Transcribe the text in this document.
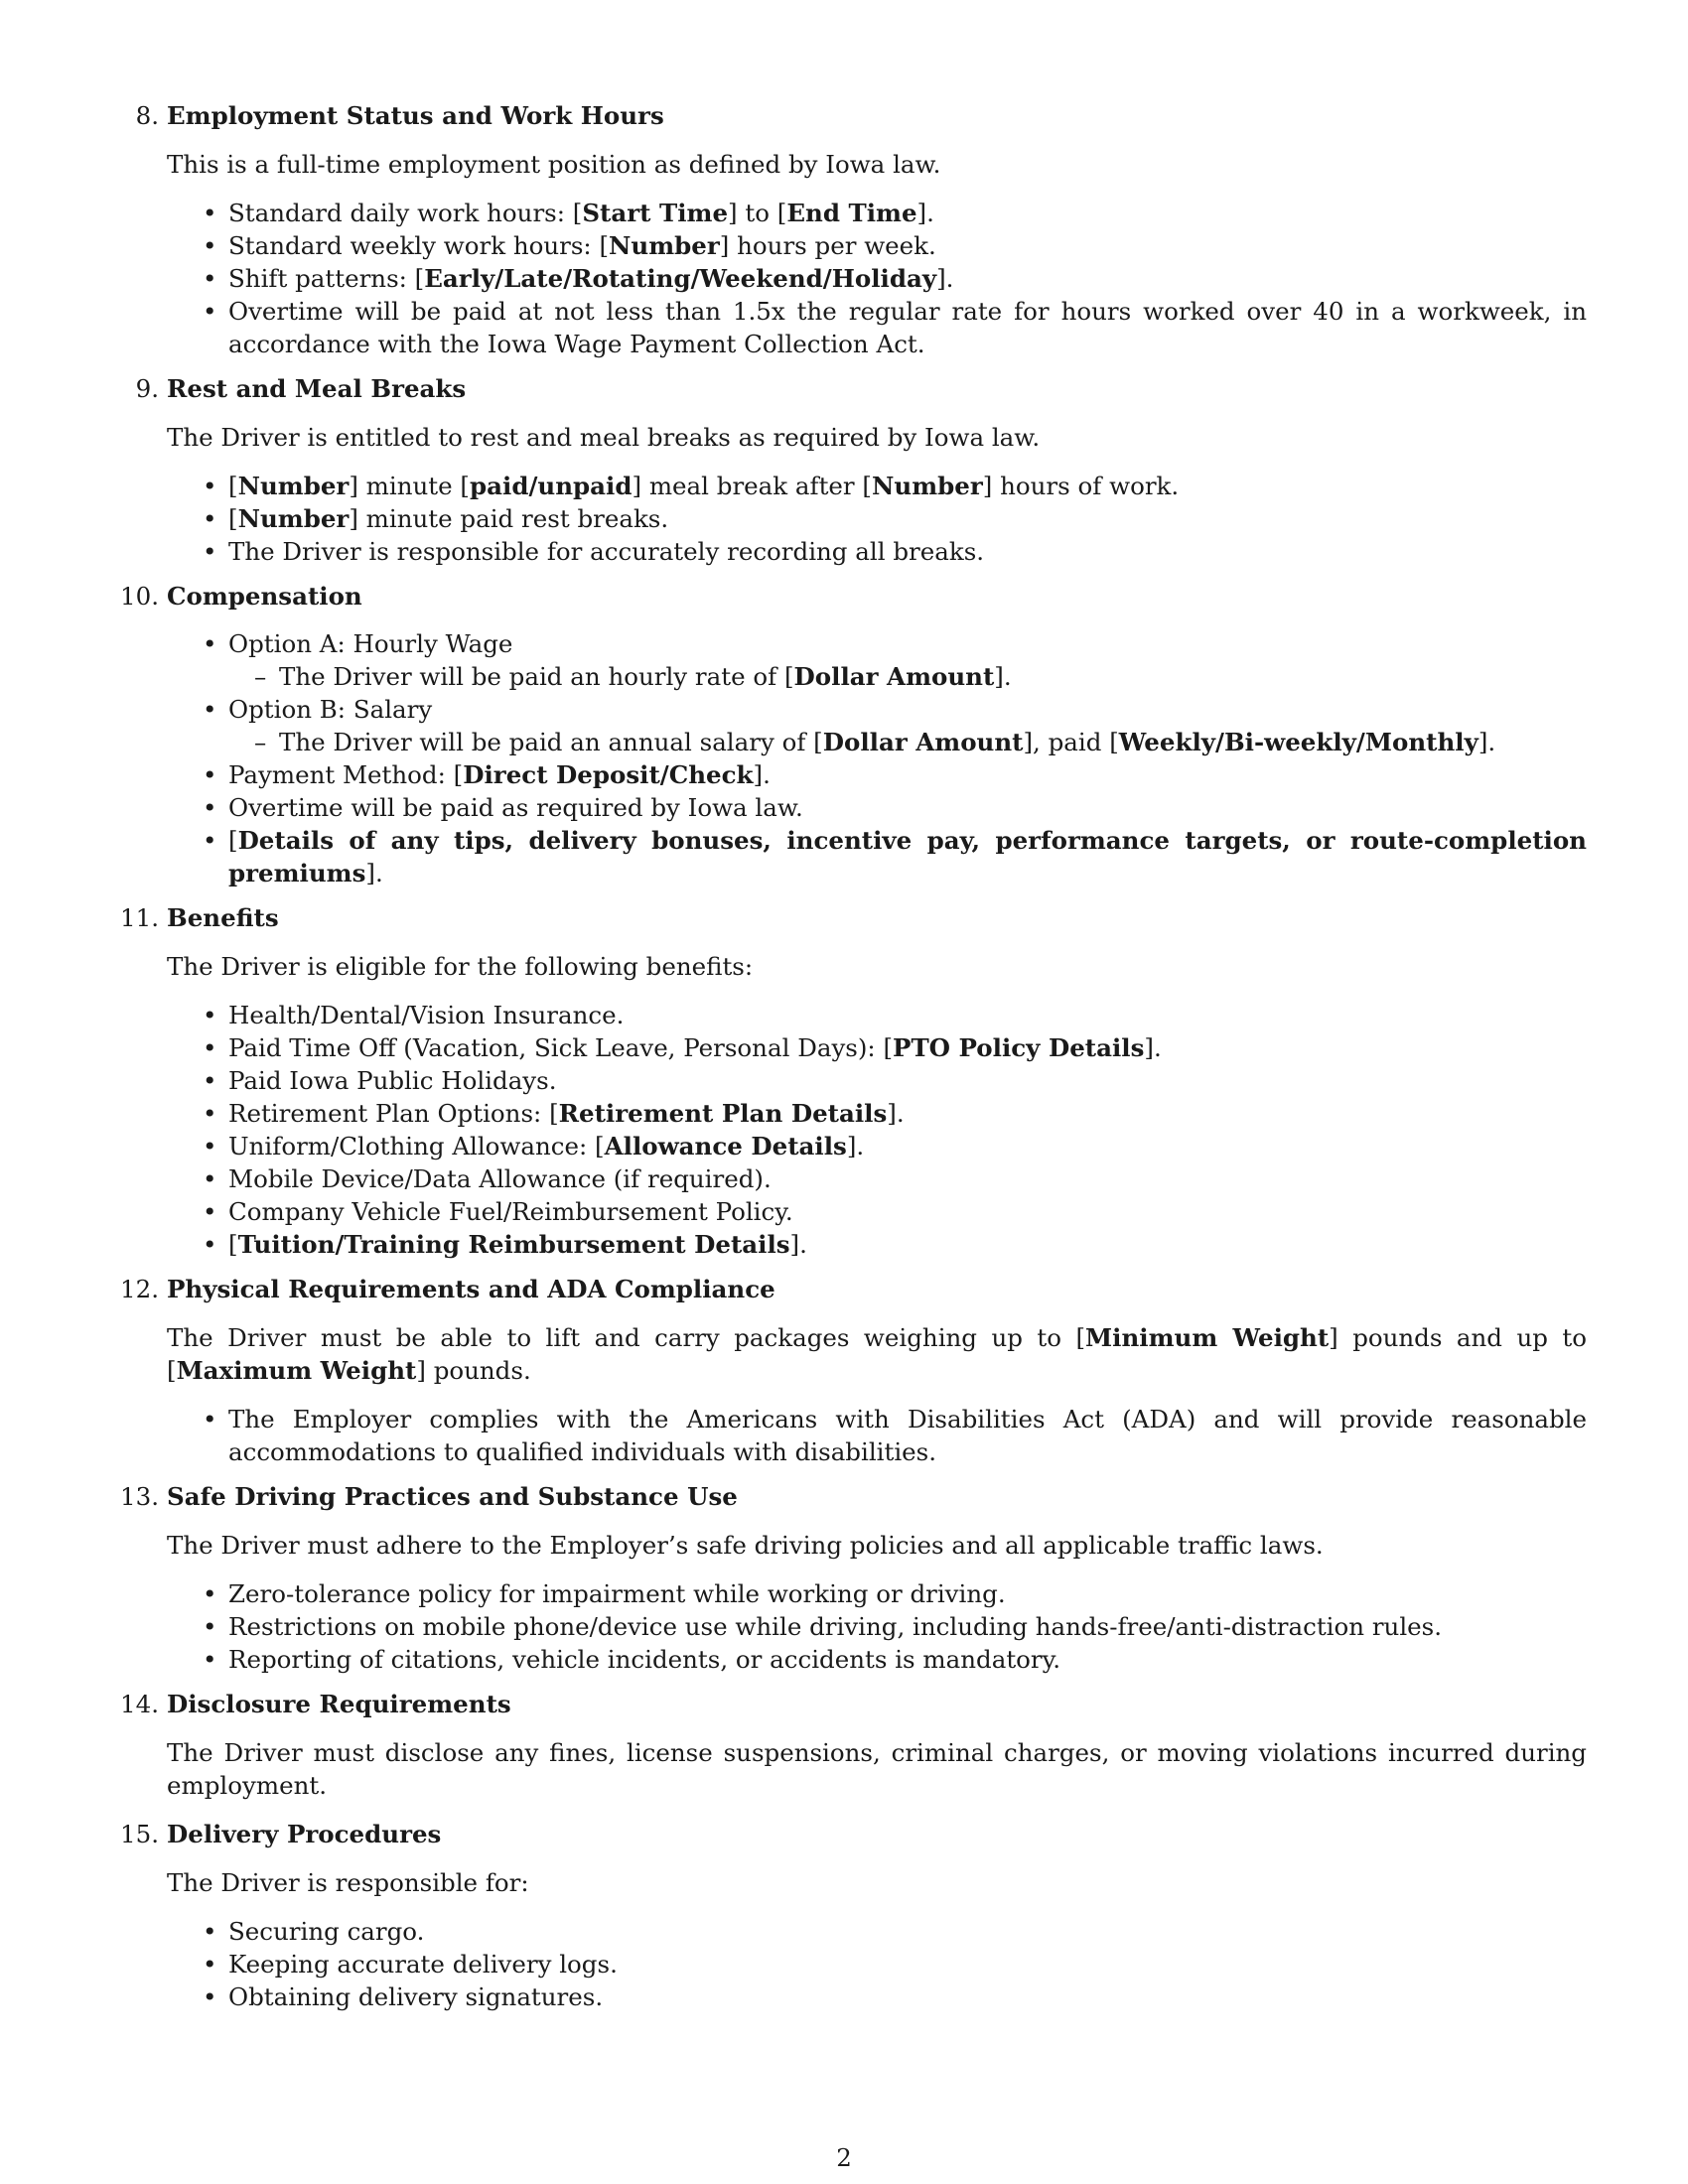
8. Employment Status and Work Hours

This is a full-time employment position as defined by Iowa law.

• Standard daily work hours: [Start Time] to [End Time].
• Standard weekly work hours: [Number] hours per week.
• Shift patterns: [Early/Late/Rotating/Weekend/Holiday].
• Overtime will be paid at not less than 1.5x the regular rate for hours worked over 40 in a workweek, in accordance with the Iowa Wage Payment Collection Act.
9. Rest and Meal Breaks

The Driver is entitled to rest and meal breaks as required by Iowa law.

• [Number] minute [paid/unpaid] meal break after [Number] hours of work.
• [Number] minute paid rest breaks.
• The Driver is responsible for accurately recording all breaks.
10. Compensation
• Option A: Hourly Wage
– The Driver will be paid an hourly rate of [Dollar Amount].
• Option B: Salary
– The Driver will be paid an annual salary of [Dollar Amount], paid [Weekly/Bi-weekly/Monthly].
• Payment Method: [Direct Deposit/Check].
• Overtime will be paid as required by Iowa law.
• [Details of any tips, delivery bonuses, incentive pay, performance targets, or route-completion premiums].
11. Benefits

The Driver is eligible for the following benefits:

• Health/Dental/Vision Insurance.
• Paid Time Off (Vacation, Sick Leave, Personal Days): [PTO Policy Details].
• Paid Iowa Public Holidays.
• Retirement Plan Options: [Retirement Plan Details].
• Uniform/Clothing Allowance: [Allowance Details].
• Mobile Device/Data Allowance (if required).
• Company Vehicle Fuel/Reimbursement Policy.
• [Tuition/Training Reimbursement Details].
12. Physical Requirements and ADA Compliance

The Driver must be able to lift and carry packages weighing up to [Minimum Weight] pounds and up to [Maximum Weight] pounds.

• The Employer complies with the Americans with Disabilities Act (ADA) and will provide reasonable accommodations to qualified individuals with disabilities.
13. Safe Driving Practices and Substance Use

The Driver must adhere to the Employer’s safe driving policies and all applicable traffic laws.

• Zero-tolerance policy for impairment while working or driving.
• Restrictions on mobile phone/device use while driving, including hands-free/anti-distraction rules.
• Reporting of citations, vehicle incidents, or accidents is mandatory.
14. Disclosure Requirements

The Driver must disclose any fines, license suspensions, criminal charges, or moving violations incurred during employment.

15. Delivery Procedures

The Driver is responsible for:

• Securing cargo.
• Keeping accurate delivery logs.
• Obtaining delivery signatures.
2
